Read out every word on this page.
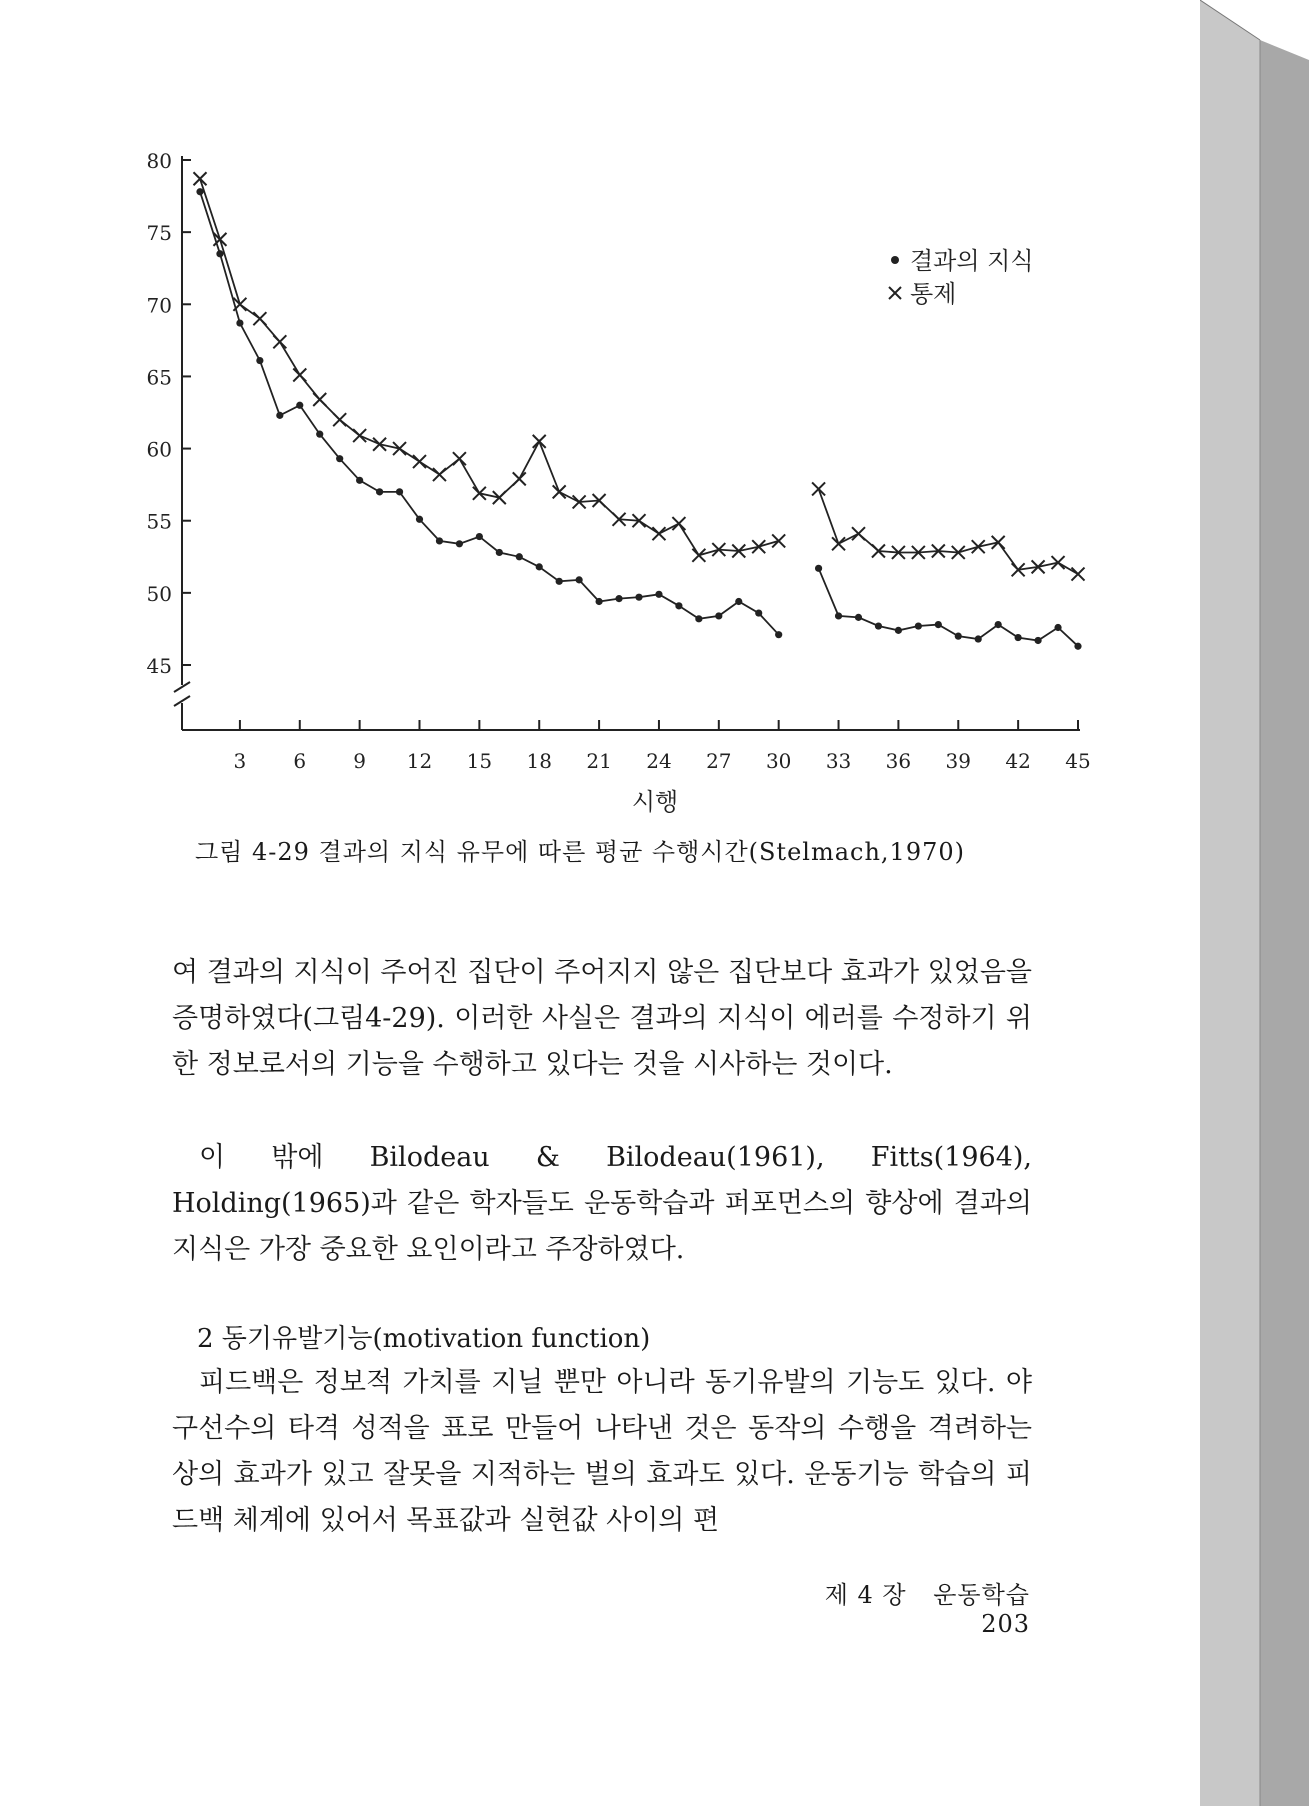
80
75
70
65
60
55
50
45
3 6 9 12 15 18 21 24 27 30 33 36 39 42 45
시행
결과의 지식
통제
그림 4-29 결과의 지식 유무에 따른 평균 수행시간(Stelmach,1970)
여 결과의 지식이 주어진 집단이 주어지지 않은 집단보다 효과가 있었음을 증명하였다(그림4-29). 이러한 사실은 결과의 지식이 에러를 수정하기 위한 정보로서의 기능을 수행하고 있다는 것을 시사하는 것이다.
이 밖에 Bilodeau & Bilodeau(1961), Fitts(1964), Holding(1965)과 같은 학자들도 운동학습과 퍼포먼스의 향상에 결과의 지식은 가장 중요한 요인이라고 주장하였다.
2 동기유발기능(motivation function)
피드백은 정보적 가치를 지닐 뿐만 아니라 동기유발의 기능도 있다. 야구선수의 타격 성적을 표로 만들어 나타낸 것은 동작의 수행을 격려하는 상의 효과가 있고 잘못을 지적하는 벌의 효과도 있다. 운동기능 학습의 피드백 체계에 있어서 목표값과 실현값 사이의 편
제 4 장 운동학습 203
